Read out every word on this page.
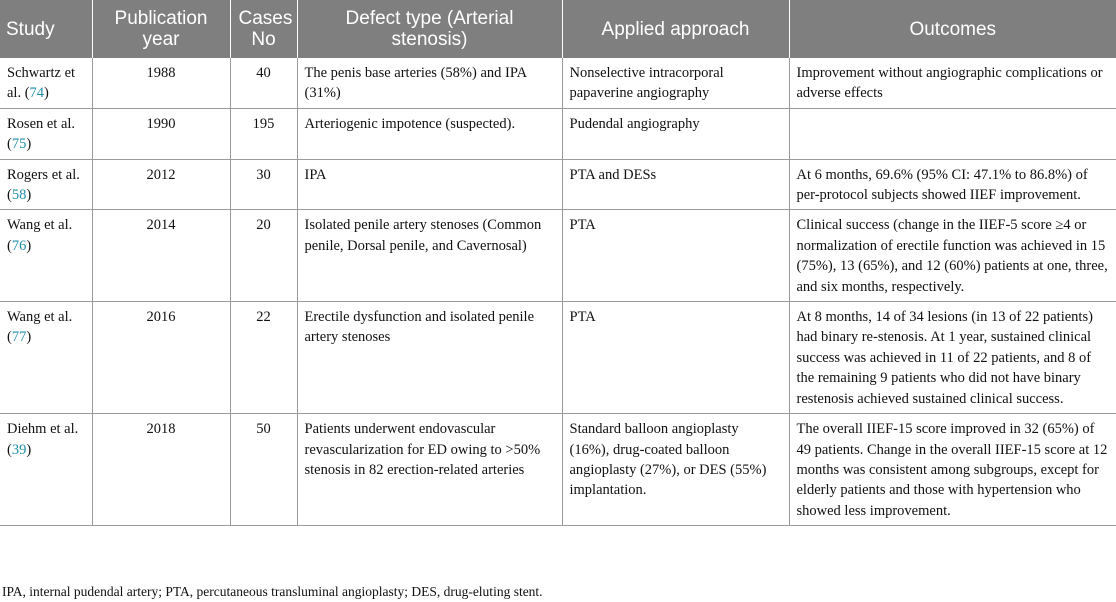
Study	Publication year	Cases No	Defect type (Arterial stenosis)	Applied approach	Outcomes
Schwartz et al. (74)	1988	40	The penis base arteries (58%) and IPA (31%)	Nonselective intracorporal papaverine angiography	Improvement without angiographic complications or adverse effects
Rosen et al. (75)	1990	195	Arteriogenic impotence (suspected).	Pudendal angiography	
Rogers et al. (58)	2012	30	IPA	PTA and DESs	At 6 months, 69.6% (95% CI: 47.1% to 86.8%) of per-protocol subjects showed IIEF improvement.
Wang et al. (76)	2014	20	Isolated penile artery stenoses (Common penile, Dorsal penile, and Cavernosal)	PTA	Clinical success (change in the IIEF-5 score ≥4 or normalization of erectile function was achieved in 15 (75%), 13 (65%), and 12 (60%) patients at one, three, and six months, respectively.
Wang et al. (77)	2016	22	Erectile dysfunction and isolated penile artery stenoses	PTA	At 8 months, 14 of 34 lesions (in 13 of 22 patients) had binary re-stenosis. At 1 year, sustained clinical success was achieved in 11 of 22 patients, and 8 of the remaining 9 patients who did not have binary restenosis achieved sustained clinical success.
Diehm et al. (39)	2018	50	Patients underwent endovascular revascularization for ED owing to >50% stenosis in 82 erection-related arteries	Standard balloon angioplasty (16%), drug-coated balloon angioplasty (27%), or DES (55%) implantation.	The overall IIEF-15 score improved in 32 (65%) of 49 patients. Change in the overall IIEF-15 score at 12 months was consistent among subgroups, except for elderly patients and those with hypertension who showed less improvement.
IPA, internal pudendal artery; PTA, percutaneous transluminal angioplasty; DES, drug-eluting stent.
